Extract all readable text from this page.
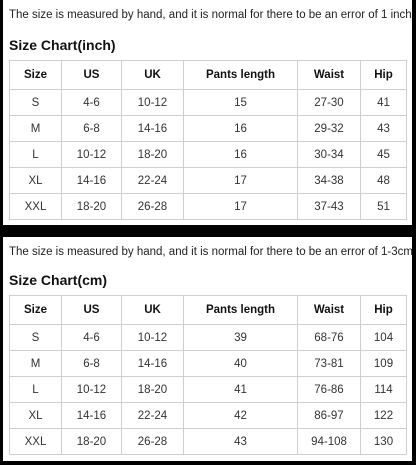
The size is measured by hand, and it is normal for there to be an error of 1 inch

Size Chart(inch)
Size	US	UK	Pants length	Waist	Hip
S	4-6	10-12	15	27-30	41
M	6-8	14-16	16	29-32	43
L	10-12	18-20	16	30-34	45
XL	14-16	22-24	17	34-38	48
XXL	18-20	26-28	17	37-43	51

The size is measured by hand, and it is normal for there to be an error of 1-3cm

Size Chart(cm)
Size	US	UK	Pants length	Waist	Hip
S	4-6	10-12	39	68-76	104
M	6-8	14-16	40	73-81	109
L	10-12	18-20	41	76-86	114
XL	14-16	22-24	42	86-97	122
XXL	18-20	26-28	43	94-108	130
